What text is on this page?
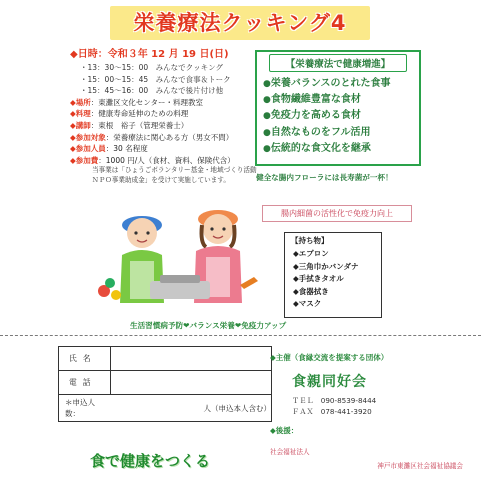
栄養療法クッキング4
◆日時：令和３年 12 月 19 日(日)
・13：30～15：00　みんなでクッキング
・15：00～15：45　みんなで食事＆トーク
・15：45～16：00　みんなで後片付け他
◆場所：東灘区文化センター・料理教室
◆料理：健康寿命延伸のための料理
◆講師：東根　裕子（管理栄養士）
◆参加対象：栄養療法に関心ある方（男女不問）
◆参加人員：30 名程度
◆参加費：1000 円/人（食材、資料、保険代含）
当事業は「ひょうごボランタリー基金・地域づくり活動
ＮＰＯ事業助成金」を受けて実施しています。
【栄養療法で健康増進】
●栄養バランスのとれた食事
●食物繊維豊富な食材
●免疫力を高める食材
●自然なものをフル活用
●伝統的な食文化を継承
健全な腸内フローラには長寿菌が一杯！
腸内細菌の活性化で免疫力向上
【持ち物】
◆エプロン
◆三角巾かバンダナ
◆手拭きタオル
◆食器拭き
◆マスク
生活習慣病予防❤バランス栄養❤免疫力アップ
氏名
電話
＊申込人数：
人（申込本人含む）
◆主催（食縁交流を提案する団体）
食親同好会
ＴＥＬ　090-8539-8444
ＦＡＸ　078-441-3920
◆後援：
社会福祉法人
神戸市東灘区社会福祉協議会
食で健康をつくる
